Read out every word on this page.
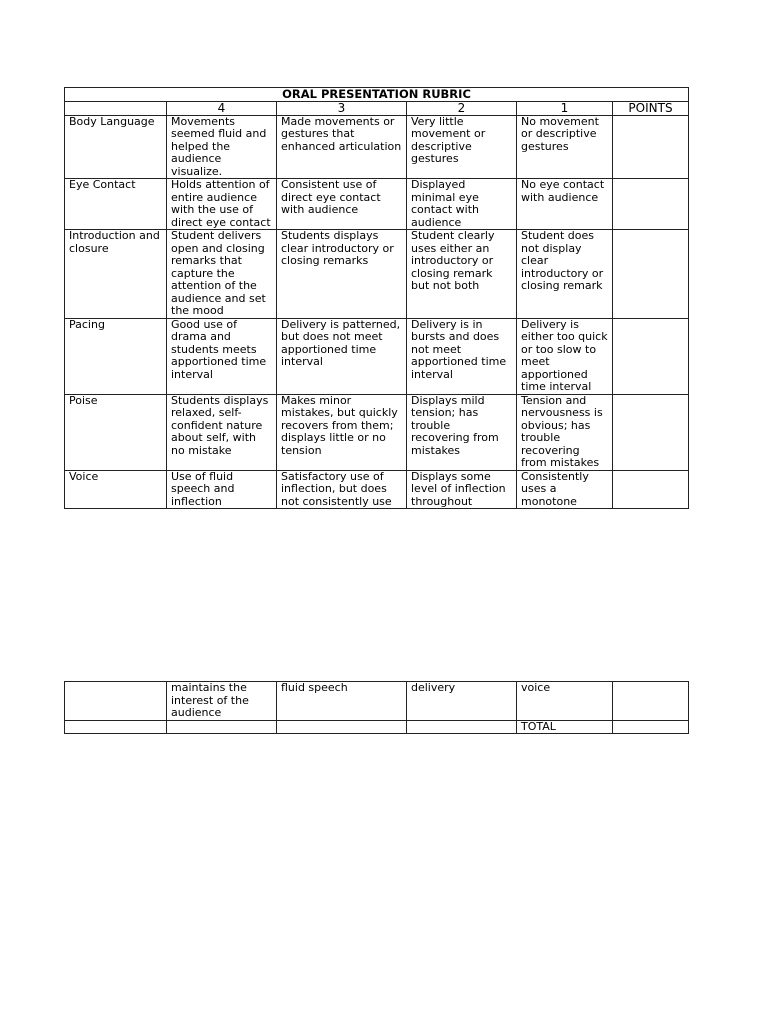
ORAL PRESENTATION RUBRIC					
	4	3	2	1	POINTS
Body Language	Movements seemed fluid and helped the audience visualize.	Made movements or gestures that enhanced articulation	Very little movement or descriptive gestures	No movement or descriptive gestures	
Eye Contact	Holds attention of entire audience with the use of direct eye contact	Consistent use of direct eye contact with audience	Displayed minimal eye contact with audience	No eye contact with audience	
Introduction and closure	Student delivers open and closing remarks that capture the attention of the audience and set the mood	Students displays clear introductory or closing remarks	Student clearly uses either an introductory or closing remark but not both	Student does not display clear introductory or closing remark	
Pacing	Good use of drama and students meets apportioned time interval	Delivery is patterned, but does not meet apportioned time interval	Delivery is in bursts and does not meet apportioned time interval	Delivery is either too quick or too slow to meet apportioned time interval	
Poise	Students displays relaxed, self-confident nature about self, with no mistake	Makes minor mistakes, but quickly recovers from them; displays little or no tension	Displays mild tension; has trouble recovering from mistakes	Tension and nervousness is obvious; has trouble recovering from mistakes	
Voice	Use of fluid speech and inflection	Satisfactory use of inflection, but does not consistently use	Displays some level of inflection throughout	Consistently uses a monotone	
	maintains the interest of the audience	fluid speech	delivery	voice	
				TOTAL	
